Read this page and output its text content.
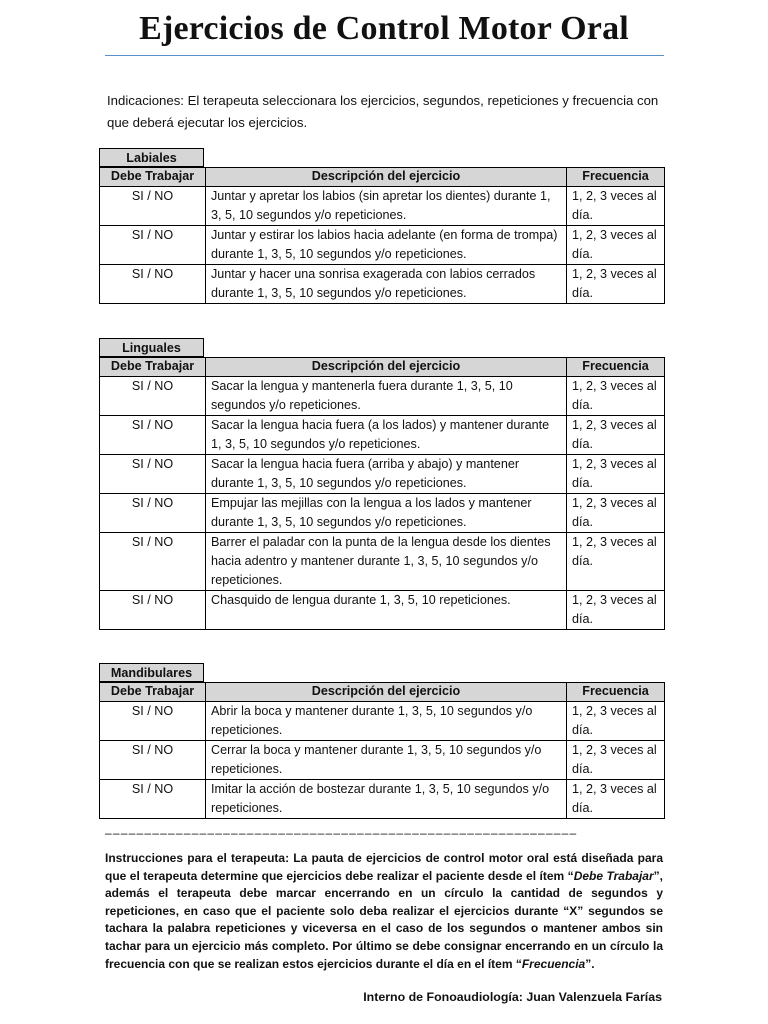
Ejercicios de Control Motor Oral
Indicaciones: El terapeuta seleccionara los ejercicios, segundos, repeticiones y frecuencia con que deberá ejecutar los ejercicios.
Labiales
Debe Trabajar	Descripción del ejercicio	Frecuencia
SI / NO	Juntar y apretar los labios (sin apretar los dientes) durante 1, 3, 5, 10 segundos y/o repeticiones.	1, 2, 3 veces al día.
SI / NO	Juntar y estirar los labios hacia adelante (en forma de trompa) durante 1, 3, 5, 10 segundos y/o repeticiones.	1, 2, 3 veces al día.
SI / NO	Juntar y hacer una sonrisa exagerada con labios cerrados durante 1, 3, 5, 10 segundos y/o repeticiones.	1, 2, 3 veces al día.
Linguales
Debe Trabajar	Descripción del ejercicio	Frecuencia
SI / NO	Sacar la lengua y mantenerla fuera durante 1, 3, 5, 10 segundos y/o repeticiones.	1, 2, 3 veces al día.
SI / NO	Sacar la lengua hacia fuera (a los lados) y mantener durante 1, 3, 5, 10 segundos y/o repeticiones.	1, 2, 3 veces al día.
SI / NO	Sacar la lengua hacia fuera (arriba y abajo) y mantener durante 1, 3, 5, 10 segundos y/o repeticiones.	1, 2, 3 veces al día.
SI / NO	Empujar las mejillas con la lengua a los lados y mantener durante 1, 3, 5, 10 segundos y/o repeticiones.	1, 2, 3 veces al día.
SI / NO	Barrer el paladar con la punta de la lengua desde los dientes hacia adentro y mantener durante 1, 3, 5, 10 segundos y/o repeticiones.	1, 2, 3 veces al día.
SI / NO	Chasquido de lengua durante 1, 3, 5, 10 repeticiones.	1, 2, 3 veces al día.
Mandibulares
Debe Trabajar	Descripción del ejercicio	Frecuencia
SI / NO	Abrir la boca y mantener durante 1, 3, 5, 10 segundos y/o repeticiones.	1, 2, 3 veces al día.
SI / NO	Cerrar la boca y mantener durante 1, 3, 5, 10 segundos y/o repeticiones.	1, 2, 3 veces al día.
SI / NO	Imitar la acción de bostezar durante 1, 3, 5, 10 segundos y/o repeticiones.	1, 2, 3 veces al día.
––––––––––––––––––––––––––––––––––––––––––––––––––––––––––––
Instrucciones para el terapeuta: La pauta de ejercicios de control motor oral está diseñada para que el terapeuta determine que ejercicios debe realizar el paciente desde el ítem “Debe Trabajar”, además el terapeuta debe marcar encerrando en un círculo la cantidad de segundos y repeticiones, en caso que el paciente solo deba realizar el ejercicios durante “X” segundos se tachara la palabra repeticiones y viceversa en el caso de los segundos o mantener ambos sin tachar para un ejercicio más completo. Por último se debe consignar encerrando en un círculo la frecuencia con que se realizan estos ejercicios durante el día en el ítem “Frecuencia”.
Interno de Fonoaudiología: Juan Valenzuela Farías
